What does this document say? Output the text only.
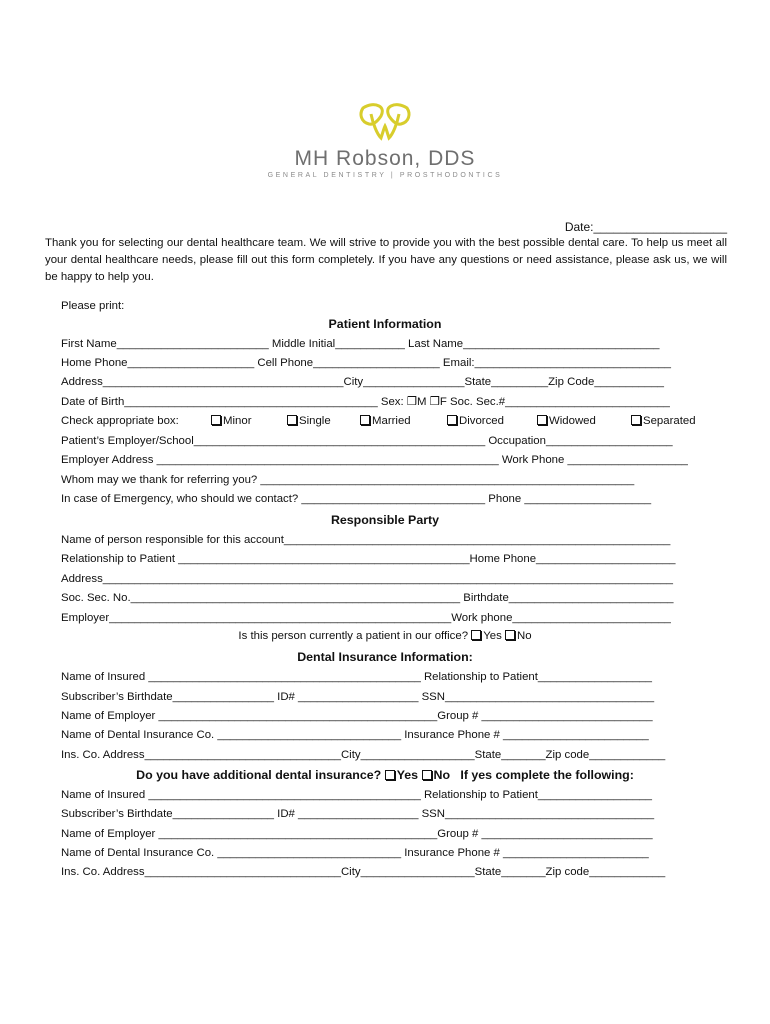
MH Robson, DDS
GENERAL DENTISTRY | PROSTHODONTICS
Date:____________________
Thank you for selecting our dental healthcare team. We will strive to provide you with the best possible dental care. To help us meet all your dental healthcare needs, please fill out this form completely. If you have any questions or need assistance, please ask us, we will be happy to help you.
Please print:
Patient Information
First Name________________________ Middle Initial___________ Last Name_______________________________
Home Phone____________________ Cell Phone____________________ Email:_______________________________
Address______________________________________City________________State_________Zip Code___________
Date of Birth________________________________________ Sex: ❒M ❒F Soc. Sec.#__________________________
Check appropriate box:	Minor	Single	Married	Divorced	Widowed	Separated
Patient’s Employer/School______________________________________________ Occupation____________________
Employer Address ______________________________________________________ Work Phone ___________________
Whom may we thank for referring you? ___________________________________________________________
In case of Emergency, who should we contact? _____________________________ Phone ____________________
Responsible Party
Name of person responsible for this account_____________________________________________________________
Relationship to Patient ______________________________________________Home Phone______________________
Address__________________________________________________________________________________________
Soc. Sec. No.____________________________________________________ Birthdate__________________________
Employer______________________________________________________Work phone_________________________
Is this person currently a patient in our office? Yes No
Dental Insurance Information:
Name of Insured ___________________________________________ Relationship to Patient__________________
Subscriber’s Birthdate________________ ID# ___________________ SSN_________________________________
Name of Employer ____________________________________________Group # ___________________________
Name of Dental Insurance Co. _____________________________ Insurance Phone # _______________________
Ins. Co. Address_______________________________City__________________State_______Zip code____________
Do you have additional dental insurance? Yes No If yes complete the following:
Name of Insured ___________________________________________ Relationship to Patient__________________
Subscriber’s Birthdate________________ ID# ___________________ SSN_________________________________
Name of Employer ____________________________________________Group # ___________________________
Name of Dental Insurance Co. _____________________________ Insurance Phone # _______________________
Ins. Co. Address_______________________________City__________________State_______Zip code____________
